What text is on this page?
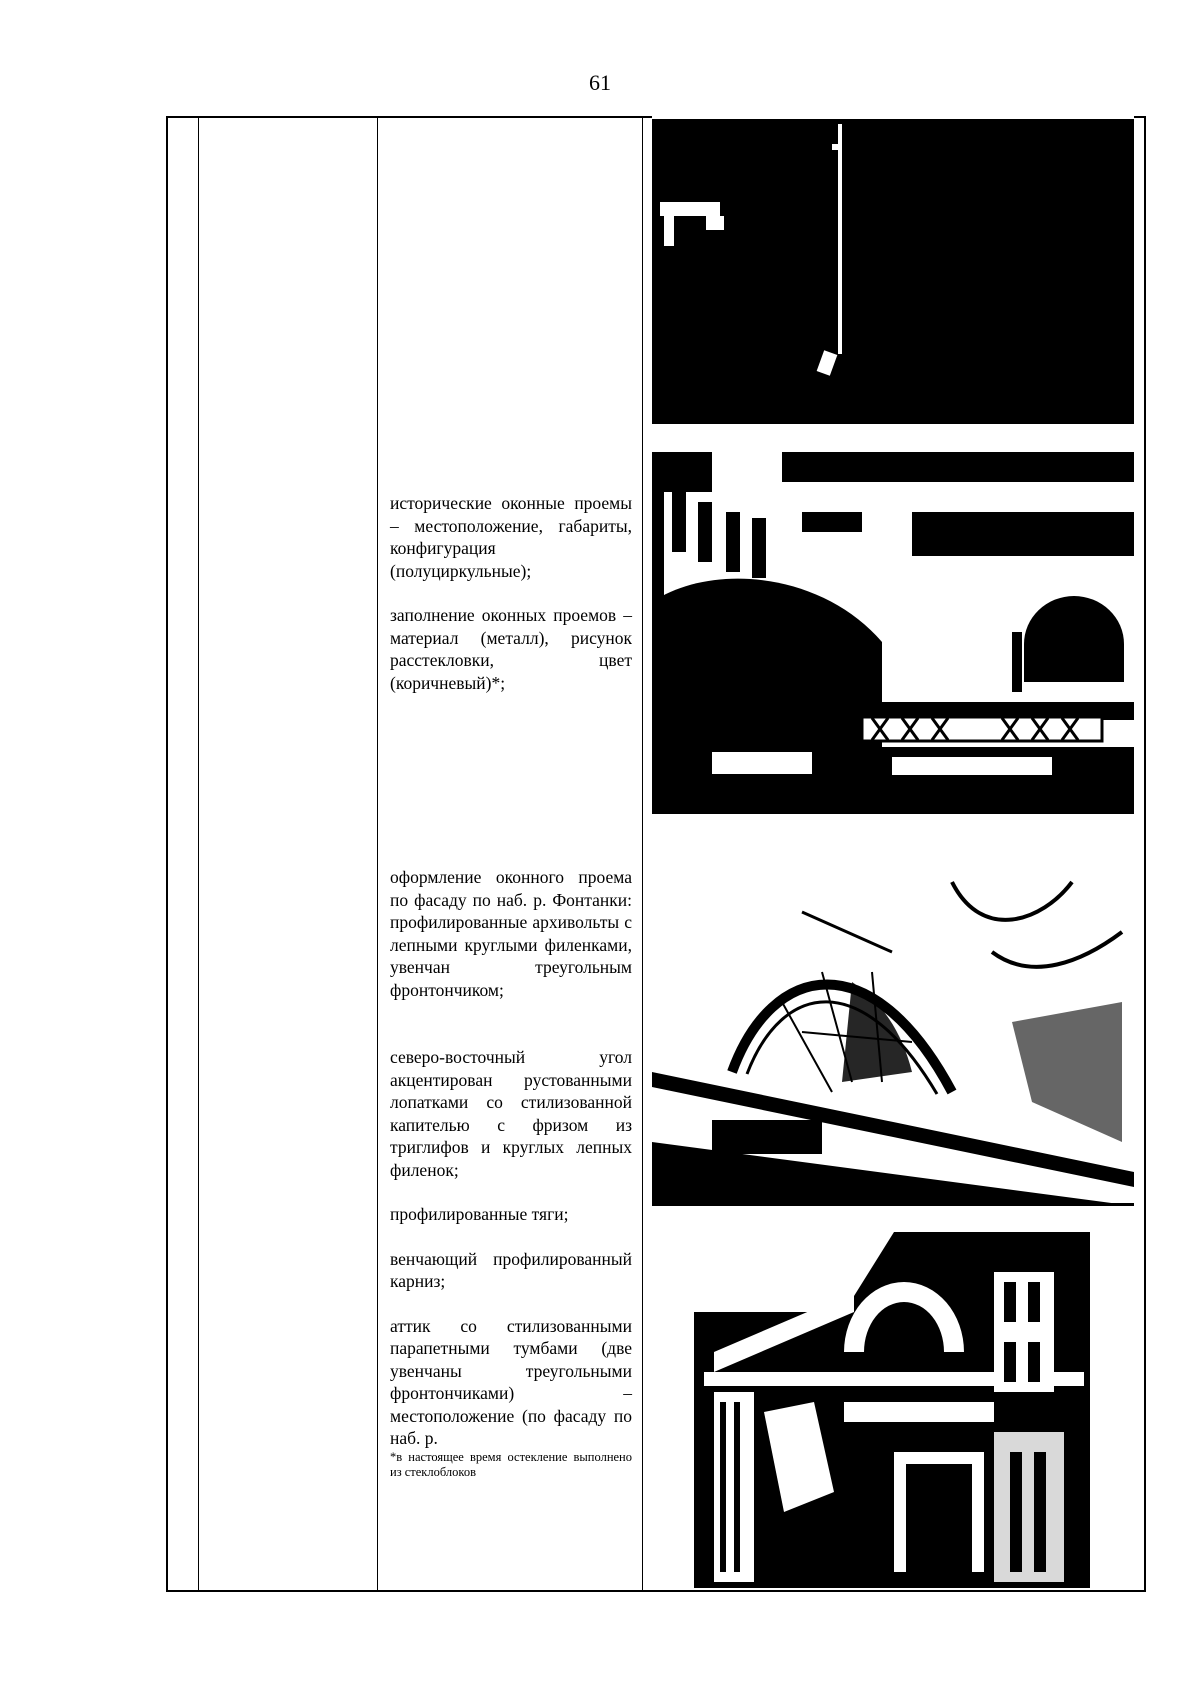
61

исторические оконные проемы – местоположение, габариты, конфигурация (полуциркульные);

заполнение оконных проемов – материал (металл), рисунок расстекловки, цвет (коричневый)*;

оформление оконного проема по фасаду по наб. р. Фонтанки: профилированные архивольты с лепными круглыми филенками, увенчан треугольным фронтончиком;

северо-восточный угол акцентирован рустованными лопатками со стилизованной капителью с фризом из триглифов и круглых лепных филенок;

профилированные тяги;

венчающий профилированный карниз;

аттик со стилизованными парапетными тумбами (две увенчаны треугольными фронтончиками) – местоположение (по фасаду по наб. р.

*в настоящее время остекление выполнено из стеклоблоков
